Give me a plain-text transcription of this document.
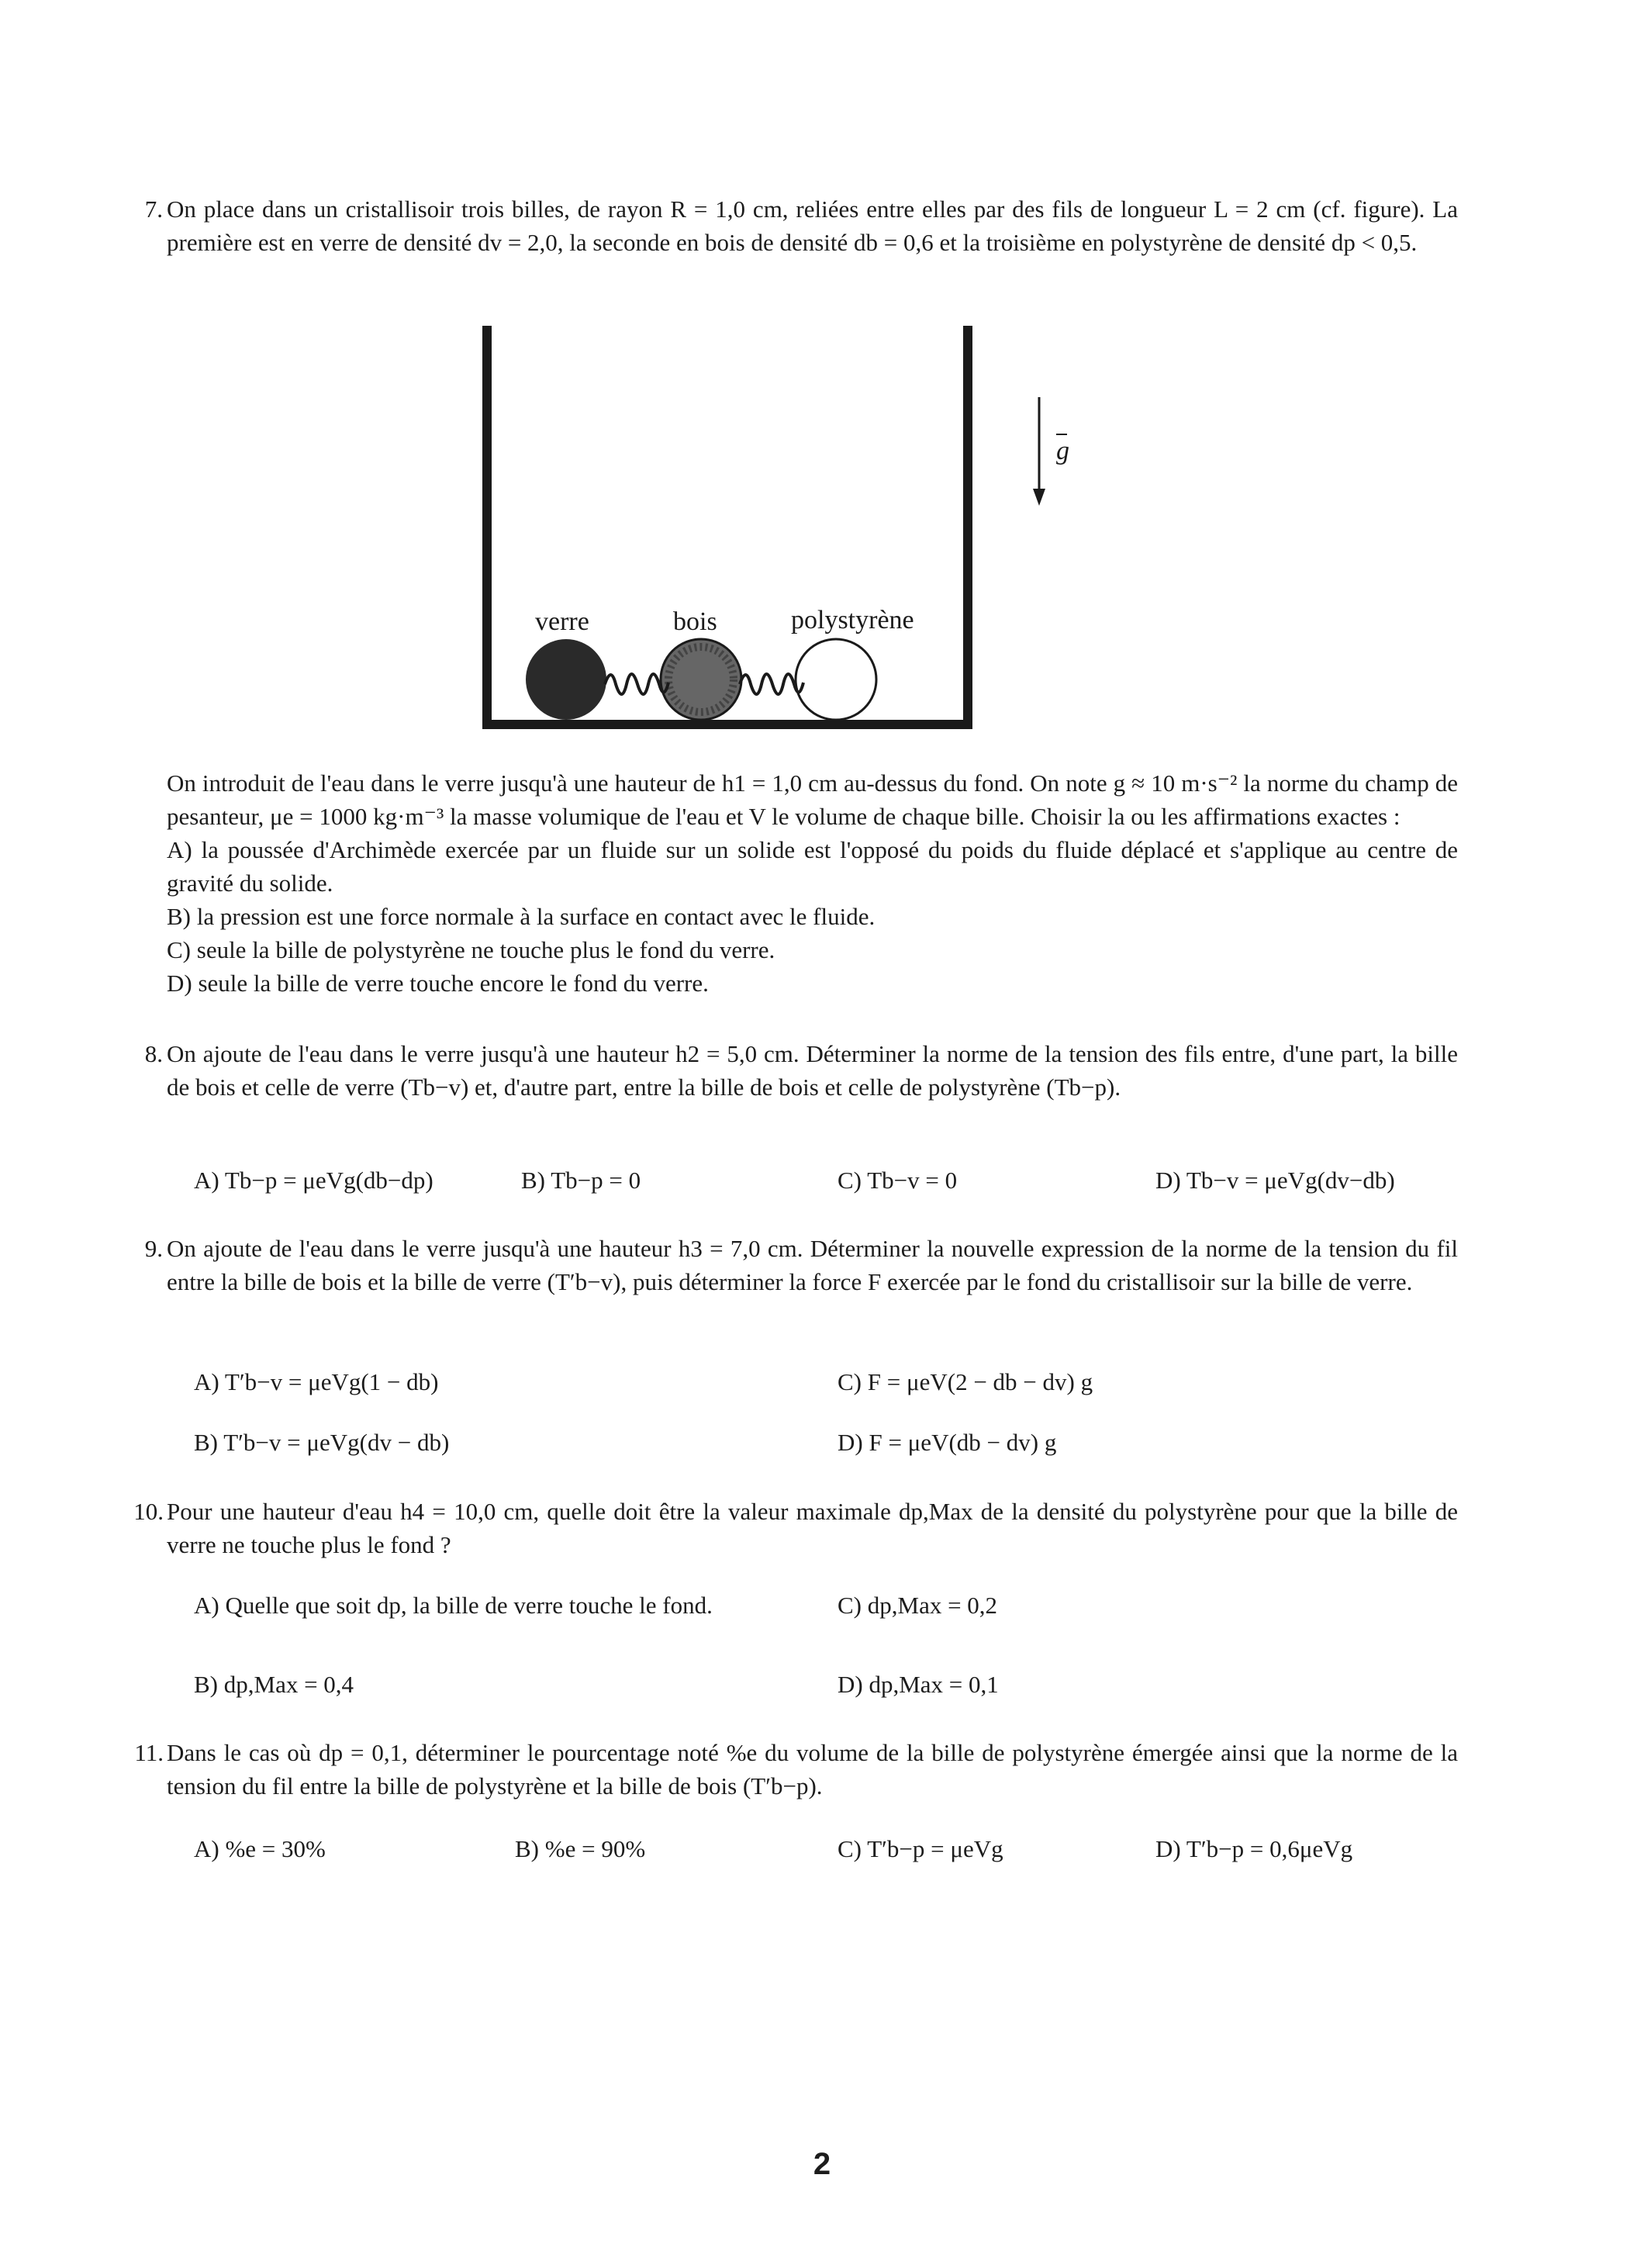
7. On place dans un cristallisoir trois billes, de rayon R = 1,0 cm, reliées entre elles par des fils de longueur L = 2 cm (cf. figure). La première est en verre de densité dv = 2,0, la seconde en bois de densité db = 0,6 et la troisième en polystyrène de densité dp < 0,5.

g
verre	bois	polystyrène

On introduit de l'eau dans le verre jusqu'à une hauteur de h1 = 1,0 cm au-dessus du fond. On note g ≈ 10 m·s⁻² la norme du champ de pesanteur, μe = 1000 kg·m⁻³ la masse volumique de l'eau et V le volume de chaque bille. Choisir la ou les affirmations exactes :

A) la poussée d'Archimède exercée par un fluide sur un solide est l'opposé du poids du fluide déplacé et s'applique au centre de gravité du solide.

B) la pression est une force normale à la surface en contact avec le fluide.

C) seule la bille de polystyrène ne touche plus le fond du verre.

D) seule la bille de verre touche encore le fond du verre.

8. On ajoute de l'eau dans le verre jusqu'à une hauteur h2 = 5,0 cm. Déterminer la norme de la tension des fils entre, d'une part, la bille de bois et celle de verre (Tb−v) et, d'autre part, entre la bille de bois et celle de polystyrène (Tb−p).

A) Tb−p = μeVg(db−dp)	B) Tb−p = 0	C) Tb−v = 0	D) Tb−v = μeVg(dv−db)
9. On ajoute de l'eau dans le verre jusqu'à une hauteur h3 = 7,0 cm. Déterminer la nouvelle expression de la norme de la tension du fil entre la bille de bois et la bille de verre (T′b−v), puis déterminer la force F exercée par le fond du cristallisoir sur la bille de verre.

A) T′b−v = μeVg(1 − db)	C) F = μeV(2 − db − dv) g
B) T′b−v = μeVg(dv − db)	D) F = μeV(db − dv) g
10. Pour une hauteur d'eau h4 = 10,0 cm, quelle doit être la valeur maximale dp,Max de la densité du polystyrène pour que la bille de verre ne touche plus le fond ?

A) Quelle que soit dp, la bille de verre touche le fond.	C) dp,Max = 0,2
B) dp,Max = 0,4	D) dp,Max = 0,1
11. Dans le cas où dp = 0,1, déterminer le pourcentage noté %e du volume de la bille de polystyrène émergée ainsi que la norme de la tension du fil entre la bille de polystyrène et la bille de bois (T′b−p).

A) %e = 30%	B) %e = 90%	C) T′b−p = μeVg	D) T′b−p = 0,6μeVg
2
